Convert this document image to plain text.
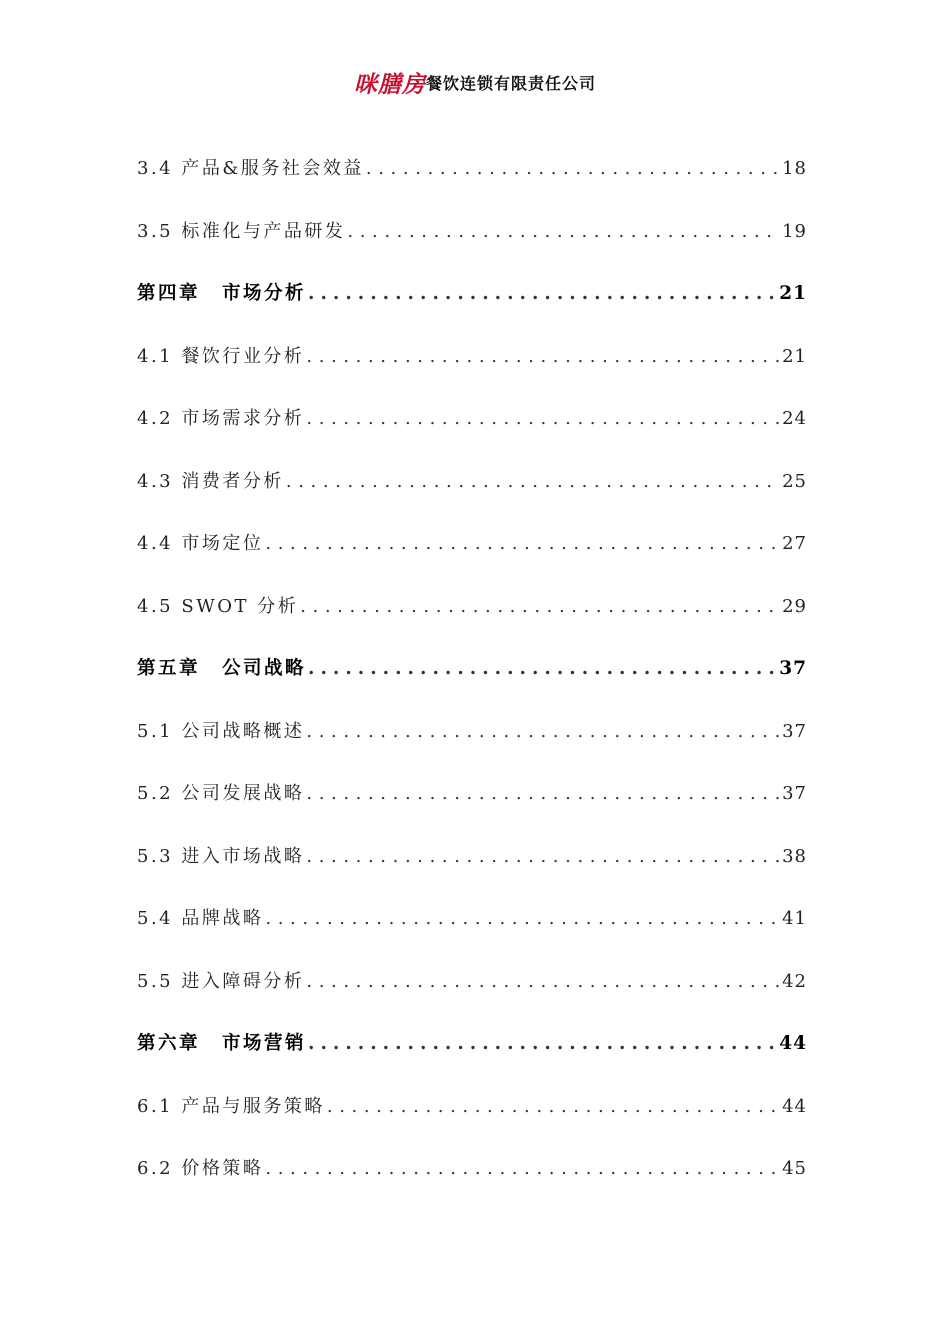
咪膳房餐饮连锁有限责任公司
3.4 产品&服务社会效益 .....	18
3.5 标准化与产品研发 .....	19
第四章 市场分析 .....	21
4.1 餐饮行业分析 .....	21
4.2 市场需求分析 .....	24
4.3 消费者分析 .....	25
4.4 市场定位 .....	27
4.5 SWOT 分析 .....	29
第五章 公司战略 .....	37
5.1 公司战略概述 .....	37
5.2 公司发展战略 .....	37
5.3 进入市场战略 .....	38
5.4 品牌战略 .....	41
5.5 进入障碍分析 .....	42
第六章 市场营销 .....	44
6.1 产品与服务策略 .....	44
6.2 价格策略 .....	45
